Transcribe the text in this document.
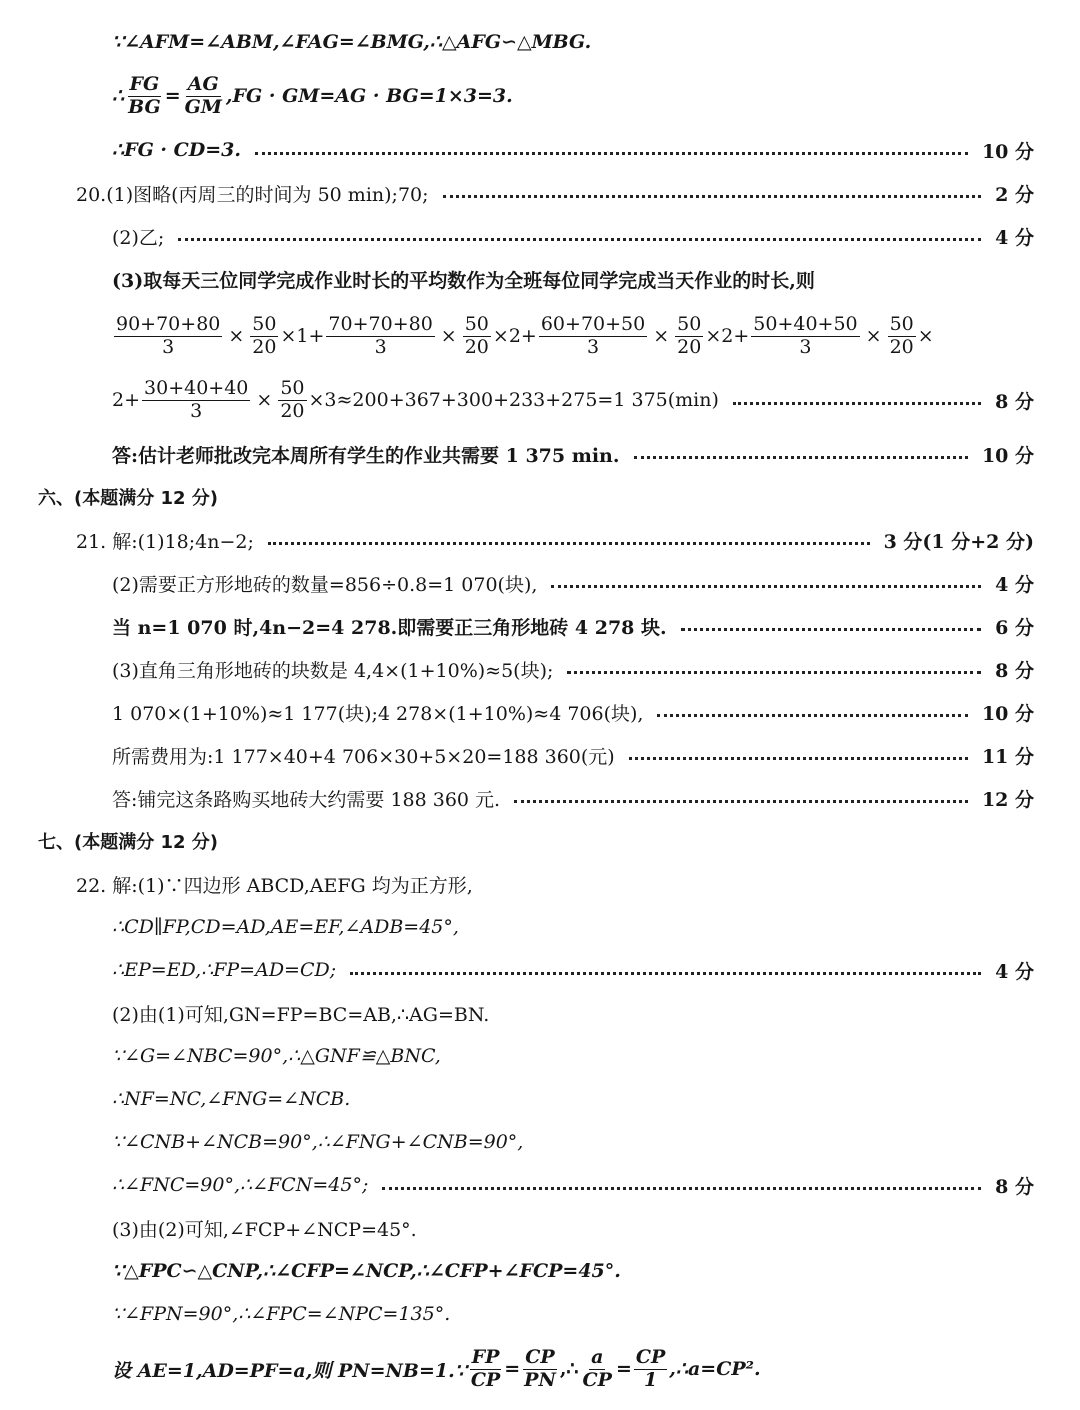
∵∠AFM=∠ABM,∠FAG=∠BMG,∴△AFG∽△MBG.
∴ $\frac{FG}{BG} = \frac{AG}{GM} ,FG \cdot GM=AG \cdot BG=1\times 3=3$.
∴FG · CD=3.	10 分
20.(1)图略(丙周三的时间为 50 min);70;	2 分
(2)乙;	4 分
(3)取每天三位同学完成作业时长的平均数作为全班每位同学完成当天作业的时长,则
$\frac{90+70+80}{3} \times \frac{50}{20} \times 1+ \frac{70+70+80}{3} \times \frac{50}{20} \times 2+ \frac{60+70+50}{3} \times \frac{50}{20} \times 2+ \frac{50+40+50}{3} \times \frac{50}{20}$ ×
$2+ \frac{30+40+40}{3} \times \frac{50}{20} \times 3\approx 200+367+300+233+275=1$ 375(min)	8 分
答:估计老师批改完本周所有学生的作业共需要 1 375 min.	10 分
六、(本题满分 12 分)
21. 解:(1)18;4n−2;	3 分(1 分+2 分)
(2)需要正方形地砖的数量=856÷0.8=1 070(块),	4 分
当 n=1 070 时,4n−2=4 278.即需要正三角形地砖 4 278 块.	6 分
(3)直角三角形地砖的块数是 4,4×(1+10%)≈5(块);	8 分
1 070×(1+10%)≈1 177(块);4 278×(1+10%)≈4 706(块),	10 分
所需费用为:1 177×40+4 706×30+5×20=188 360(元)	11 分
答:铺完这条路购买地砖大约需要 188 360 元.	12 分
七、(本题满分 12 分)
22. 解:(1)∵四边形 ABCD,AEFG 均为正方形,
∴CD∥FP,CD=AD,AE=EF,∠ADB=45°,
∴EP=ED,∴FP=AD=CD;	4 分
(2)由(1)可知,GN=FP=BC=AB,∴AG=BN.
∵∠G=∠NBC=90°,∴△GNF≌△BNC,
∴NF=NC,∠FNG=∠NCB.
∵∠CNB+∠NCB=90°,∴∠FNG+∠CNB=90°,
∴∠FNC=90°,∴∠FCN=45°;	8 分
(3)由(2)可知,∠FCP+∠NCP=45°.
∵△FPC∽△CNP,∴∠CFP=∠NCP,∴∠CFP+∠FCP=45°.
∵∠FPN=90°,∴∠FPC=∠NPC=135°.
设 AE=1,AD=PF=a,则 PN=NB=1.∵ $\frac{FP}{CP} = \frac{CP}{PN}$ ,∴ $\frac{a}{CP} = \frac{CP}{1}$ ,∴a=CP².
